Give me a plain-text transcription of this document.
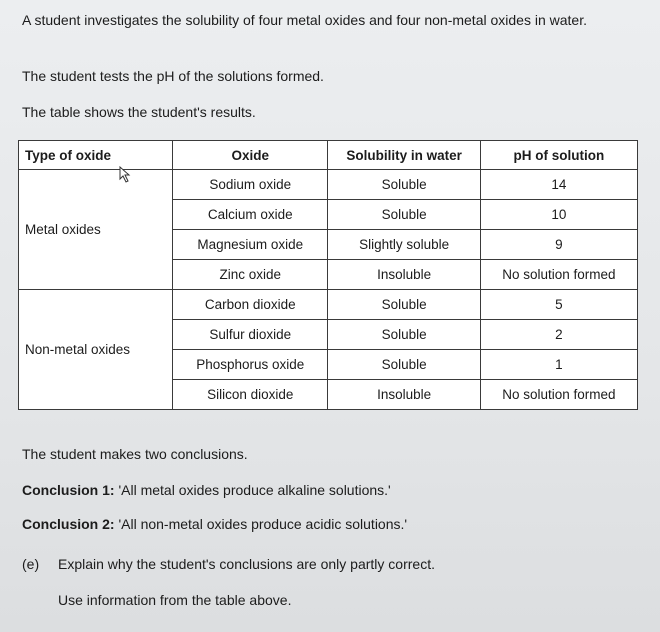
A student investigates the solubility of four metal oxides and four non-metal oxides in water.

The student tests the pH of the solutions formed.

The table shows the student's results.

Type of oxide	Oxide	Solubility in water	pH of solution
Metal oxides	Sodium oxide	Soluble	14
	Calcium oxide	Soluble	10
	Magnesium oxide	Slightly soluble	9
	Zinc oxide	Insoluble	No solution formed
Non-metal oxides	Carbon dioxide	Soluble	5
	Sulfur dioxide	Soluble	2
	Phosphorus oxide	Soluble	1
	Silicon dioxide	Insoluble	No solution formed

The student makes two conclusions.

Conclusion 1: 'All metal oxides produce alkaline solutions.'

Conclusion 2: 'All non-metal oxides produce acidic solutions.'

(e) Explain why the student's conclusions are only partly correct.

Use information from the table above.
